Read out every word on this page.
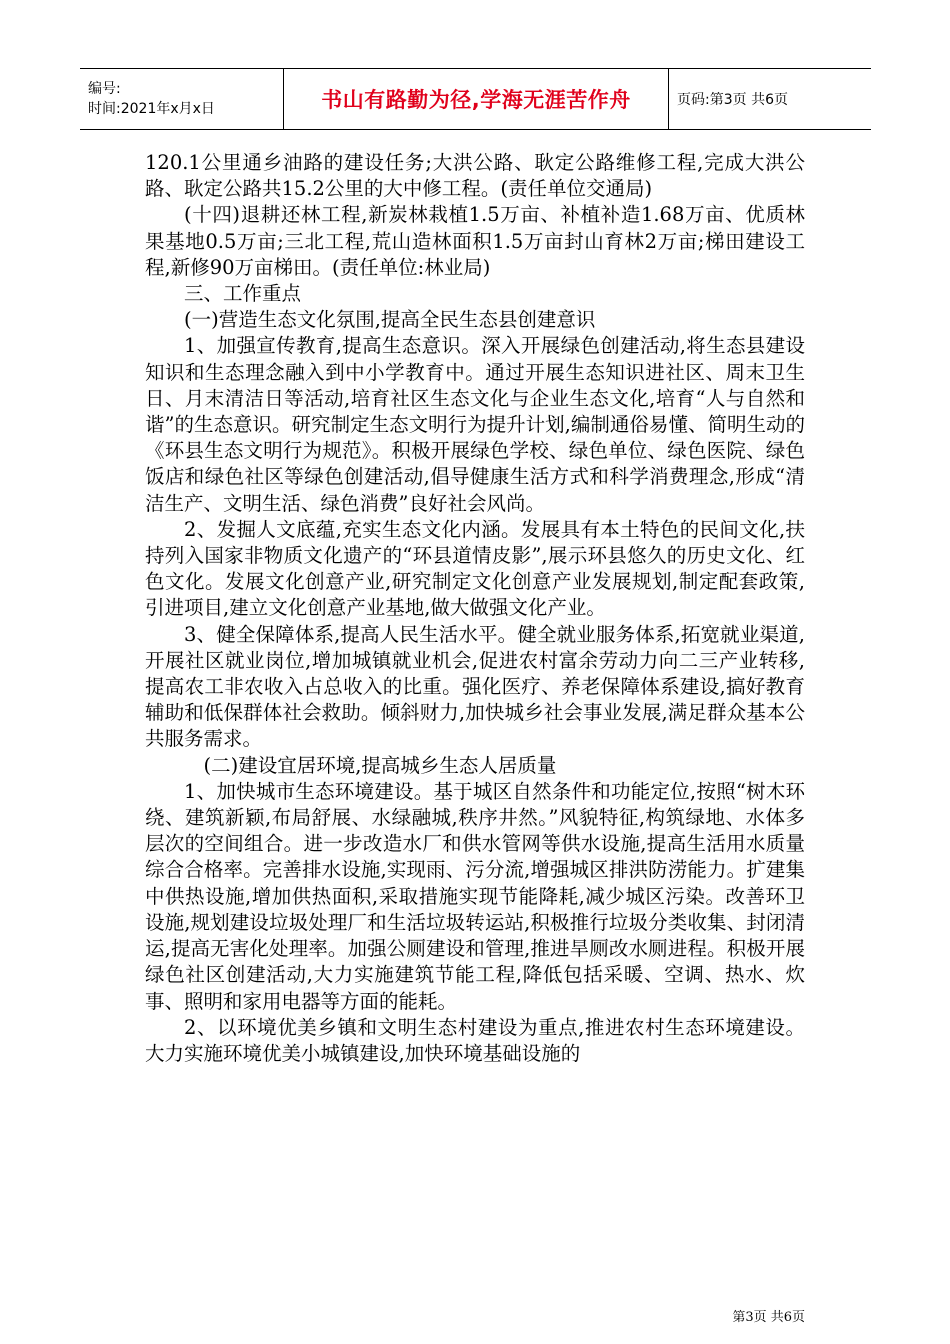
编号:
时间:2021年x月x日	书山有路勤为径,学海无涯苦作舟	页码:第3页 共6页

120.1公里通乡油路的建设任务;大洪公路、耿定公路维修工程,完成大洪公路、耿定公路共15.2公里的大中修工程。(责任单位交通局)

(十四)退耕还林工程,新炭林栽植1.5万亩、补植补造1.68万亩、优质林果基地0.5万亩;三北工程,荒山造林面积1.5万亩封山育林2万亩;梯田建设工程,新修90万亩梯田。(责任单位:林业局)

三、工作重点

(一)营造生态文化氛围,提高全民生态县创建意识

1、加强宣传教育,提高生态意识。深入开展绿色创建活动,将生态县建设知识和生态理念融入到中小学教育中。通过开展生态知识进社区、周末卫生日、月末清洁日等活动,培育社区生态文化与企业生态文化,培育“人与自然和谐”的生态意识。研究制定生态文明行为提升计划,编制通俗易懂、简明生动的《环县生态文明行为规范》。积极开展绿色学校、绿色单位、绿色医院、绿色饭店和绿色社区等绿色创建活动,倡导健康生活方式和科学消费理念,形成“清洁生产、文明生活、绿色消费”良好社会风尚。

2、发掘人文底蕴,充实生态文化内涵。发展具有本土特色的民间文化,扶持列入国家非物质文化遗产的“环县道情皮影”,展示环县悠久的历史文化、红色文化。发展文化创意产业,研究制定文化创意产业发展规划,制定配套政策,引进项目,建立文化创意产业基地,做大做强文化产业。

3、健全保障体系,提高人民生活水平。健全就业服务体系,拓宽就业渠道,开展社区就业岗位,增加城镇就业机会,促进农村富余劳动力向二三产业转移,提高农工非农收入占总收入的比重。强化医疗、养老保障体系建设,搞好教育辅助和低保群体社会救助。倾斜财力,加快城乡社会事业发展,满足群众基本公共服务需求。

(二)建设宜居环境,提高城乡生态人居质量

1、加快城市生态环境建设。基于城区自然条件和功能定位,按照“树木环绕、建筑新颖,布局舒展、水绿融城,秩序井然。”风貌特征,构筑绿地、水体多层次的空间组合。进一步改造水厂和供水管网等供水设施,提高生活用水质量综合合格率。完善排水设施,实现雨、污分流,增强城区排洪防涝能力。扩建集中供热设施,增加供热面积,采取措施实现节能降耗,减少城区污染。改善环卫设施,规划建设垃圾处理厂和生活垃圾转运站,积极推行垃圾分类收集、封闭清运,提高无害化处理率。加强公厕建设和管理,推进旱厕改水厕进程。积极开展绿色社区创建活动,大力实施建筑节能工程,降低包括采暖、空调、热水、炊事、照明和家用电器等方面的能耗。

2、以环境优美乡镇和文明生态村建设为重点,推进农村生态环境建设。大力实施环境优美小城镇建设,加快环境基础设施的

第3页 共6页
